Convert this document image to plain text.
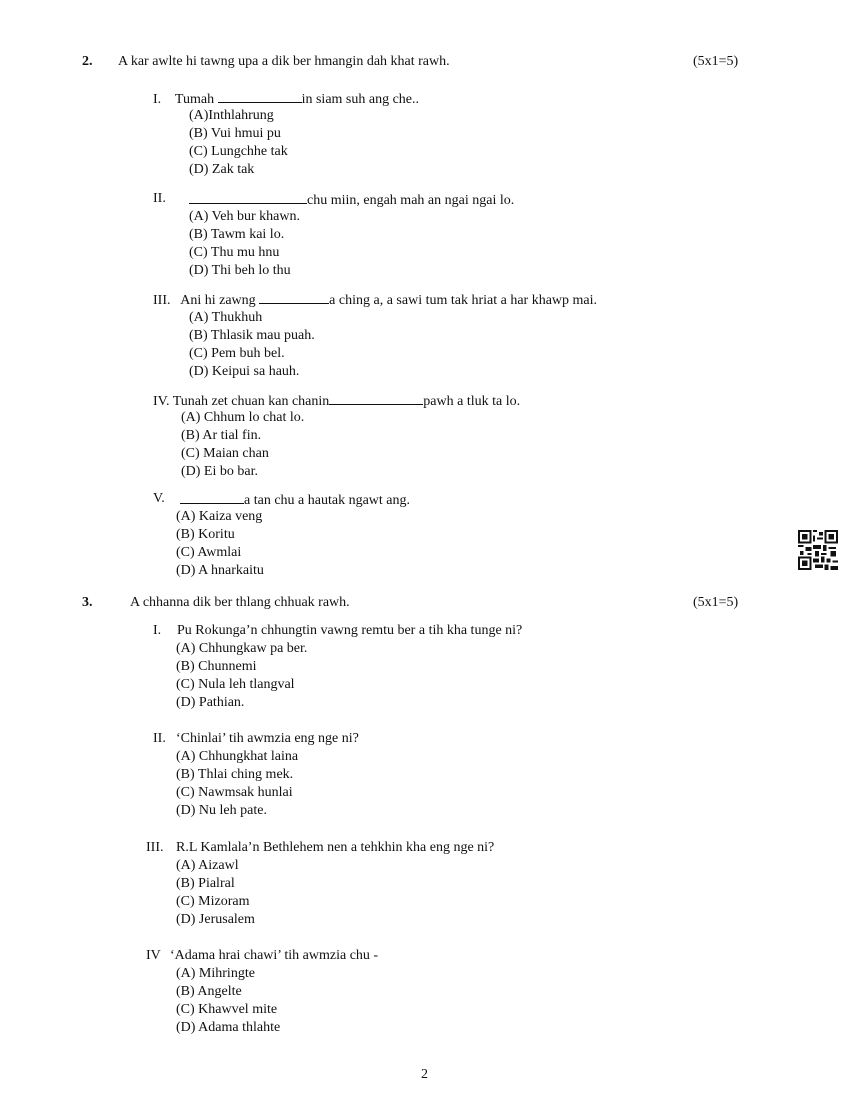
2. A kar awlte hi tawng upa a dik ber hmangin dah khat rawh.	(5x1=5)
I. Tumah	in siam suh ang che..
(A)Inthlahrung
(B) Vui hmui pu
(C) Lungchhe tak
(D) Zak tak
II.	chu miin, engah mah an ngai ngai lo.
(A) Veh bur khawn.
(B) Tawm kai lo.
(C) Thu mu hnu
(D) Thi beh lo thu
III. Ani hi zawng	a ching a, a sawi tum tak hriat a har khawp mai.
(A) Thukhuh
(B) Thlasik mau puah.
(C) Pem buh bel.
(D) Keipui sa hauh.
IV. Tunah zet chuan kan chanin	pawh a tluk ta lo.
(A) Chhum lo chat lo.
(B) Ar tial fin.
(C) Maian chan
(D) Ei bo bar.
V.	a tan chu a hautak ngawt ang.
(A) Kaiza veng
(B) Koritu
(C) Awmlai
(D) A hnarkaitu
3.	A chhanna dik ber thlang chhuak rawh.	(5x1=5)
I. Pu Rokunga’n chhungtin vawng remtu ber a tih kha tunge ni?
(A) Chhungkaw pa ber.
(B) Chunnemi
(C) Nula leh tlangval
(D) Pathian.
II. ‘Chinlai’ tih awmzia eng nge ni?
(A) Chhungkhat laina
(B) Thlai ching mek.
(C) Nawmsak hunlai
(D) Nu leh pate.
III. R.L Kamlala’n Bethlehem nen a tehkhin kha eng nge ni?
(A) Aizawl
(B) Pialral
(C) Mizoram
(D) Jerusalem
IV ‘Adama hrai chawi’ tih awmzia chu -
(A) Mihringte
(B) Angelte
(C) Khawvel mite
(D) Adama thlahte
2
